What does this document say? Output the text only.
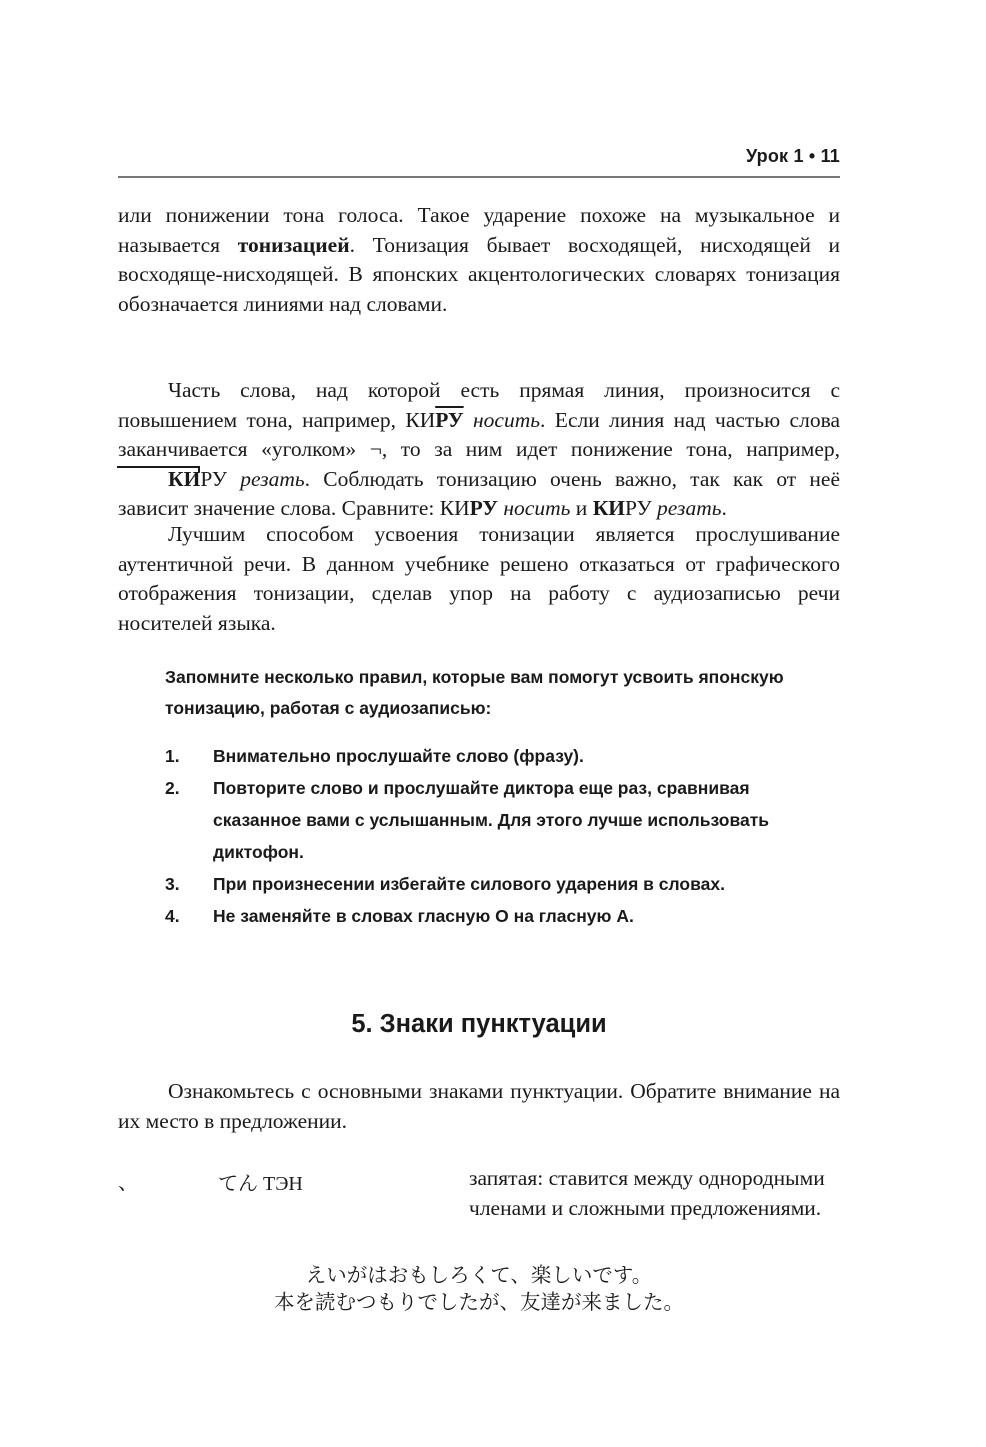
Урок 1 • 11
или понижении тона голоса. Такое ударение похоже на музыкальное и называется тонизацией. Тонизация бывает восходящей, нисходящей и восходяще-нисходящей. В японских акцентологических словарях тонизация обозначается линиями над словами.
Часть слова, над которой есть прямая линия, произносится с повышением тона, например, КИРУ носить. Если линия над частью слова заканчивается «уголком» ¬, то за ним идет понижение тона, например, КИРУ резать. Соблюдать тонизацию очень важно, так как от неё зависит значение слова. Сравните: КИРУ носить и КИРУ резать.
Лучшим способом усвоения тонизации является прослушивание аутентичной речи. В данном учебнике решено отказаться от графического отображения тонизации, сделав упор на работу с аудиозаписью речи носителей языка.
Запомните несколько правил, которые вам помогут усвоить японскую тонизацию, работая с аудиозаписью:
1. Внимательно прослушайте слово (фразу).
2. Повторите слово и прослушайте диктора еще раз, сравнивая сказанное вами с услышанным. Для этого лучше использовать диктофон.
3. При произнесении избегайте силового ударения в словах.
4. Не заменяйте в словах гласную О на гласную А.
5. Знаки пунктуации
Ознакомьтесь с основными знаками пунктуации. Обратите внимание на их место в предложении.
、	てん ТЭН	запятая: ставится между однородными членами и сложными предложениями.
えいがはおもしろくて、楽しいです。
本を読むつもりでしたが、友達が来ました。
